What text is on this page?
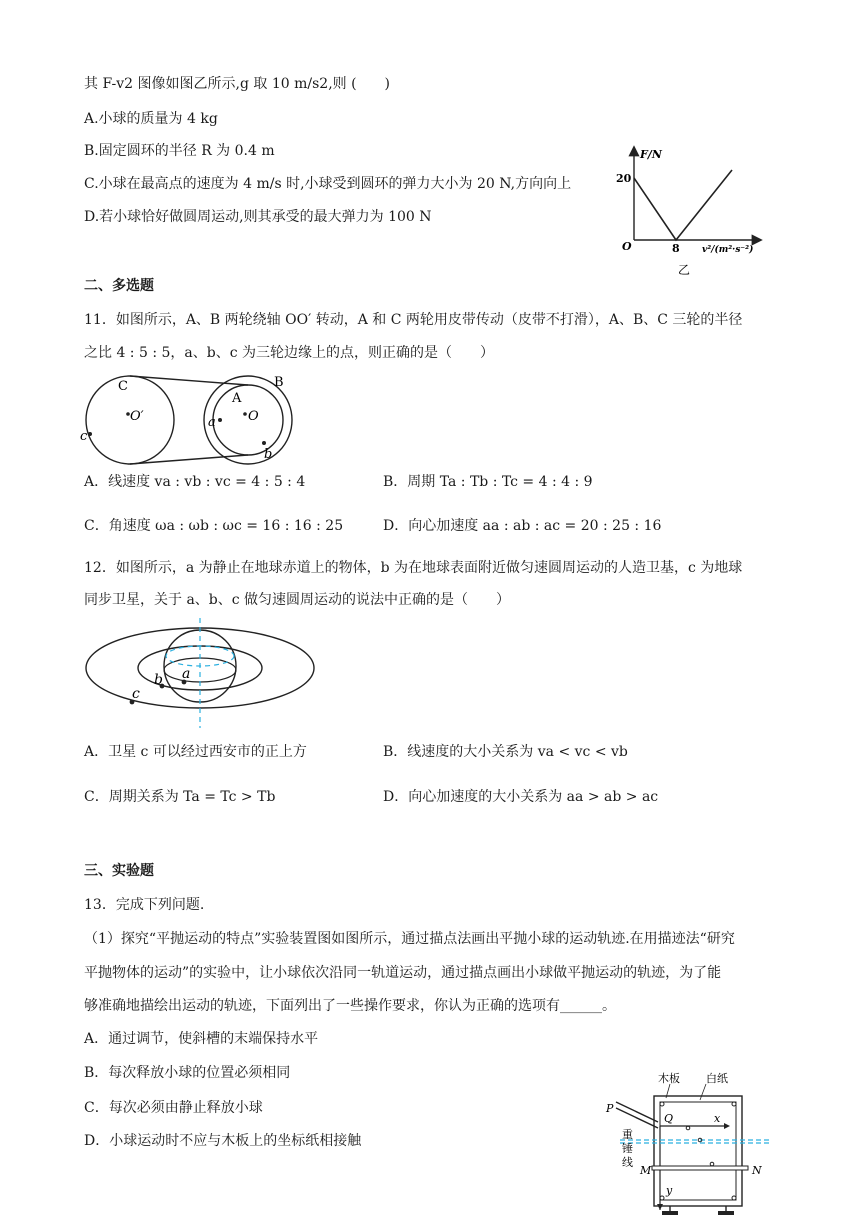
其 F-v2 图像如图乙所示,g 取 10 m/s2,则 (　　)
A.小球的质量为 4 kg
B.固定圆环的半径 R 为 0.4 m
C.小球在最高点的速度为 4 m/s 时,小球受到圆环的弹力大小为 20 N,方向向上
D.若小球恰好做圆周运动,则其承受的最大弹力为 100 N
F/N
20
O	8 v²/(m²·s⁻²)
乙
二、多选题
11．如图所示，A、B 两轮绕轴 OO′ 转动，A 和 C 两轮用皮带传动（皮带不打滑），A、B、C 三轮的半径
之比 4 : 5 : 5，a、b、c 为三轮边缘上的点，则正确的是（　　）
C
O′
A
O
B
a
b
c
A．线速度 va : vb : vc = 4 : 5 : 4	B．周期 Ta : Tb : Tc = 4 : 4 : 9
C．角速度 ωa : ωb : ωc = 16 : 16 : 25	D．向心加速度 aa : ab : ac = 20 : 25 : 16
12．如图所示，a 为静止在地球赤道上的物体，b 为在地球表面附近做匀速圆周运动的人造卫基，c 为地球
同步卫星，关于 a、b、c 做匀速圆周运动的说法中正确的是（　　）
a
b
c
A．卫星 c 可以经过西安市的正上方	B．线速度的大小关系为 va < vc < vb
C．周期关系为 Ta = Tc > Tb	D．向心加速度的大小关系为 aa > ab > ac
三、实验题
13．完成下列问题.
（1）探究“平抛运动的特点”实验装置图如图所示，通过描点法画出平抛小球的运动轨迹.在用描迹法“研究
平抛物体的运动”的实验中，让小球依次沿同一轨道运动，通过描点画出小球做平抛运动的轨迹，为了能
够准确地描绘出运动的轨迹，下面列出了一些操作要求，你认为正确的选项有______。
A．通过调节，使斜槽的末端保持水平
B．每次释放小球的位置必须相同
C．每次必须由静止释放小球
D．小球运动时不应与木板上的坐标纸相接触
木板 白纸
P
Q	x
重
锤
线
M	N
y
